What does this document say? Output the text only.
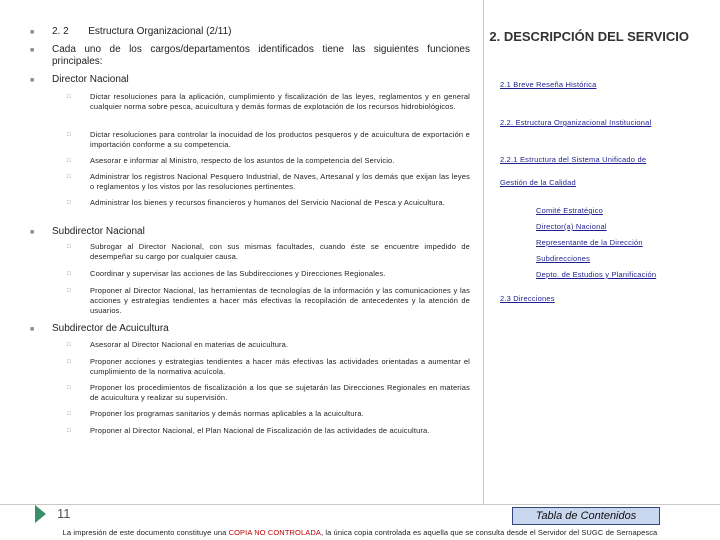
■ 2. 2 Estructura Organizacional (2/11)
■ Cada uno de los cargos/departamentos identificados tiene las siguientes funciones principales:
■ Director Nacional
□	Dictar resoluciones para la aplicación, cumplimiento y fiscalización de las leyes, reglamentos y en general cualquier norma sobre pesca, acuicultura y demás formas de explotación de los recursos hidrobiológicos.
□	Dictar resoluciones para controlar la inocuidad de los productos pesqueros y de acuicultura de exportación e importación conforme a su competencia.
□	Asesorar e informar al Ministro, respecto de los asuntos de la competencia del Servicio.
□	Administrar los registros Nacional Pesquero Industrial, de Naves, Artesanal y los demás que exijan las leyes o reglamentos y los vistos por las resoluciones pertinentes.
□	Administrar los bienes y recursos financieros y humanos del Servicio Nacional de Pesca y Acuicultura.
■ Subdirector Nacional
□	Subrogar al Director Nacional, con sus mismas facultades, cuando éste se encuentre impedido de desempeñar su cargo por cualquier causa.
□	Coordinar y supervisar las acciones de las Subdirecciones y Direcciones Regionales.
□	Proponer al Director Nacional, las herramientas de tecnologías de la información y las comunicaciones y las acciones y estrategias tendientes a hacer más efectivas la recopilación de antecedentes y la atención de usuarios.
■ Subdirector de Acuicultura
□	Asesorar al Director Nacional en materias de acuicultura.
□	Proponer acciones y estrategias tendientes a hacer más efectivas las actividades orientadas a aumentar el cumplimiento de la normativa acuícola.
□	Proponer los procedimientos de fiscalización a los que se sujetarán las Direcciones Regionales en materias de acuicultura y realizar su supervisión.
□	Proponer los programas sanitarios y demás normas aplicables a la acuicultura.
□	Proponer al Director Nacional, el Plan Nacional de Fiscalización de las actividades de acuicultura.
2. DESCRIPCIÓN DEL SERVICIO
2.1 Breve Reseña Histórica
2.2. Estructura Organizacional Institucional
2.2.1 Estructura del Sistema Unificado de
Gestión de la Calidad
Comité Estratégico
Director(a) Nacional
Representante de la Dirección
Subdirecciones
Depto. de Estudios y Planificación
2.3 Direcciones
11	Tabla de Contenidos
La impresión de este documento constituye una COPIA NO CONTROLADA, la única copia controlada es aquella que se consulta desde el Servidor del SUGC de Sernapesca
